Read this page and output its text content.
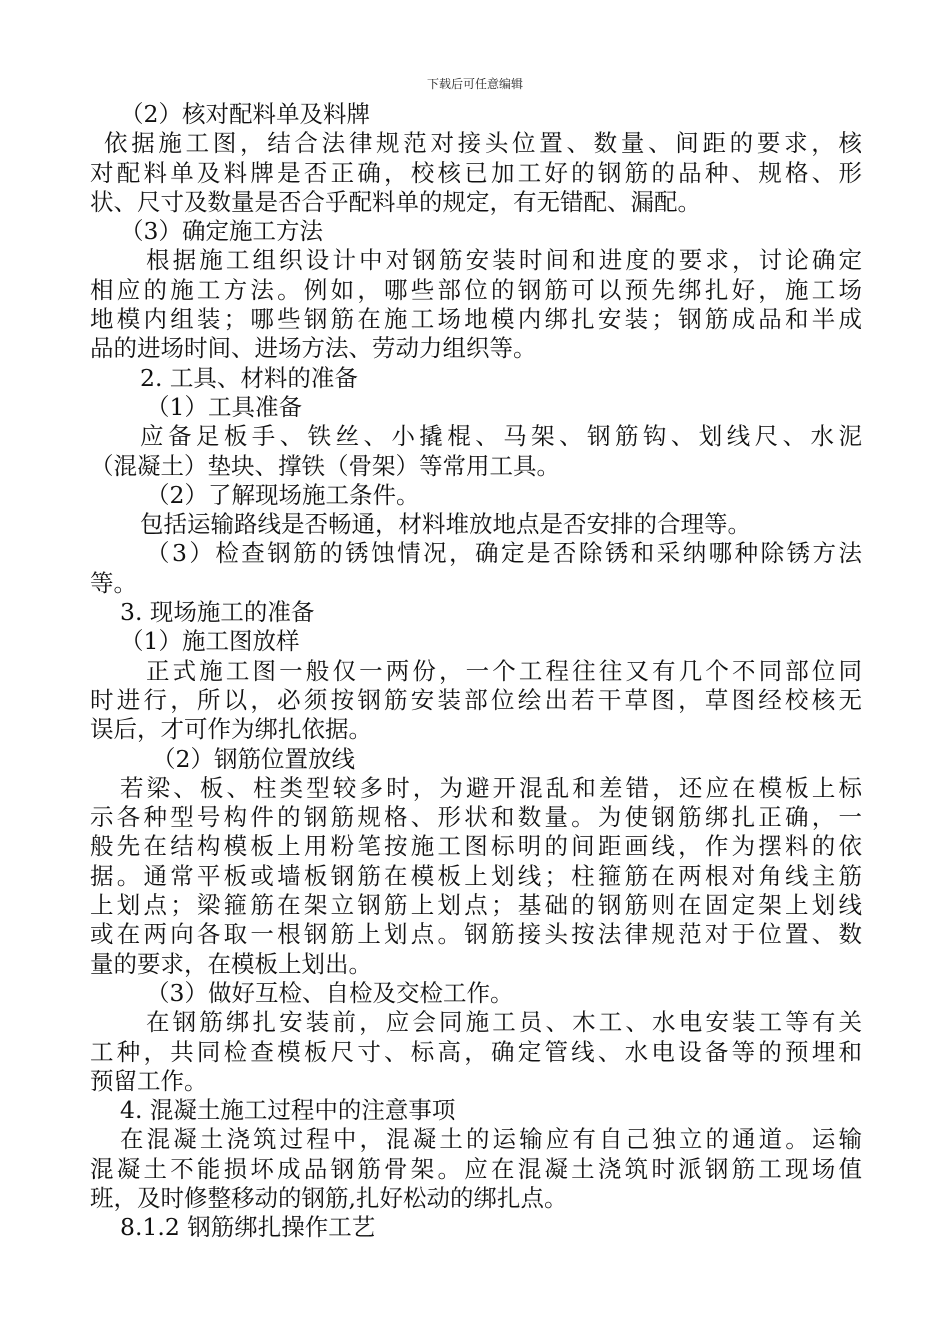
下载后可任意编辑
（2）核对配料单及料牌
依据施工图，结合法律规范对接头位置、数量、间距的要求，核
对配料单及料牌是否正确，校核已加工好的钢筋的品种、规格、形
状、尺寸及数量是否合乎配料单的规定，有无错配、漏配。
（3）确定施工方法
根据施工组织设计中对钢筋安装时间和进度的要求，讨论确定
相应的施工方法。例如，哪些部位的钢筋可以预先绑扎好，施工场
地模内组装；哪些钢筋在施工场地模内绑扎安装；钢筋成品和半成
品的进场时间、进场方法、劳动力组织等。
2. 工具、材料的准备
（1）工具准备
应备足板手、铁丝、小撬棍、马架、钢筋钩、划线尺、水泥
（混凝土）垫块、撑铁（骨架）等常用工具。
（2）了解现场施工条件。
包括运输路线是否畅通，材料堆放地点是否安排的合理等。
（3）检查钢筋的锈蚀情况，确定是否除锈和采纳哪种除锈方法
等。
3. 现场施工的准备
（1）施工图放样
正式施工图一般仅一两份，一个工程往往又有几个不同部位同
时进行，所以，必须按钢筋安装部位绘出若干草图，草图经校核无
误后，才可作为绑扎依据。
（2）钢筋位置放线
若梁、板、柱类型较多时，为避开混乱和差错，还应在模板上标
示各种型号构件的钢筋规格、形状和数量。为使钢筋绑扎正确，一
般先在结构模板上用粉笔按施工图标明的间距画线，作为摆料的依
据。通常平板或墙板钢筋在模板上划线；柱箍筋在两根对角线主筋
上划点；梁箍筋在架立钢筋上划点；基础的钢筋则在固定架上划线
或在两向各取一根钢筋上划点。钢筋接头按法律规范对于位置、数
量的要求，在模板上划出。
（3）做好互检、自检及交检工作。
在钢筋绑扎安装前，应会同施工员、木工、水电安装工等有关
工种，共同检查模板尺寸、标高，确定管线、水电设备等的预埋和
预留工作。
4. 混凝土施工过程中的注意事项
在混凝土浇筑过程中，混凝土的运输应有自己独立的通道。运输
混凝土不能损坏成品钢筋骨架。应在混凝土浇筑时派钢筋工现场值
班，及时修整移动的钢筋,扎好松动的绑扎点。
8.1.2 钢筋绑扎操作工艺
